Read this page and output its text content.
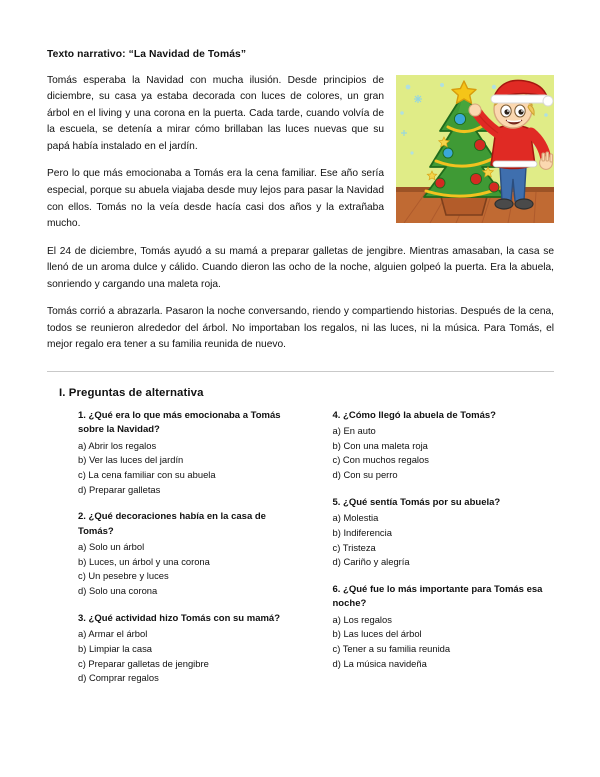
Texto narrativo: “La Navidad de Tomás”

Tomás esperaba la Navidad con mucha ilusión. Desde principios de diciembre, su casa ya estaba decorada con luces de colores, un gran árbol en el living y una corona en la puerta. Cada tarde, cuando volvía de la escuela, se detenía a mirar cómo brillaban las luces nuevas que su papá había instalado en el jardín.

Pero lo que más emocionaba a Tomás era la cena familiar. Ese año sería especial, porque su abuela viajaba desde muy lejos para pasar la Navidad con ellos. Tomás no la veía desde hacía casi dos años y la extrañaba mucho.

El 24 de diciembre, Tomás ayudó a su mamá a preparar galletas de jengibre. Mientras amasaban, la casa se llenó de un aroma dulce y cálido. Cuando dieron las ocho de la noche, alguien golpeó la puerta. Era la abuela, sonriendo y cargando una maleta roja.

Tomás corrió a abrazarla. Pasaron la noche conversando, riendo y compartiendo historias. Después de la cena, todos se reunieron alrededor del árbol. No importaban los regalos, ni las luces, ni la música. Para Tomás, el mejor regalo era tener a su familia reunida de nuevo.

I. Preguntas de alternativa

1. ¿Qué era lo que más emocionaba a Tomás sobre la Navidad?

a) Abrir los regalos

b) Ver las luces del jardín

c) La cena familiar con su abuela

d) Preparar galletas

2. ¿Qué decoraciones había en la casa de Tomás?

a) Solo un árbol

b) Luces, un árbol y una corona

c) Un pesebre y luces

d) Solo una corona

3. ¿Qué actividad hizo Tomás con su mamá?

a) Armar el árbol

b) Limpiar la casa

c) Preparar galletas de jengibre

d) Comprar regalos

4. ¿Cómo llegó la abuela de Tomás?

a) En auto

b) Con una maleta roja

c) Con muchos regalos

d) Con su perro

5. ¿Qué sentía Tomás por su abuela?

a) Molestia

b) Indiferencia

c) Tristeza

d) Cariño y alegría

6. ¿Qué fue lo más importante para Tomás esa noche?

a) Los regalos

b) Las luces del árbol

c) Tener a su familia reunida

d) La música navideña
